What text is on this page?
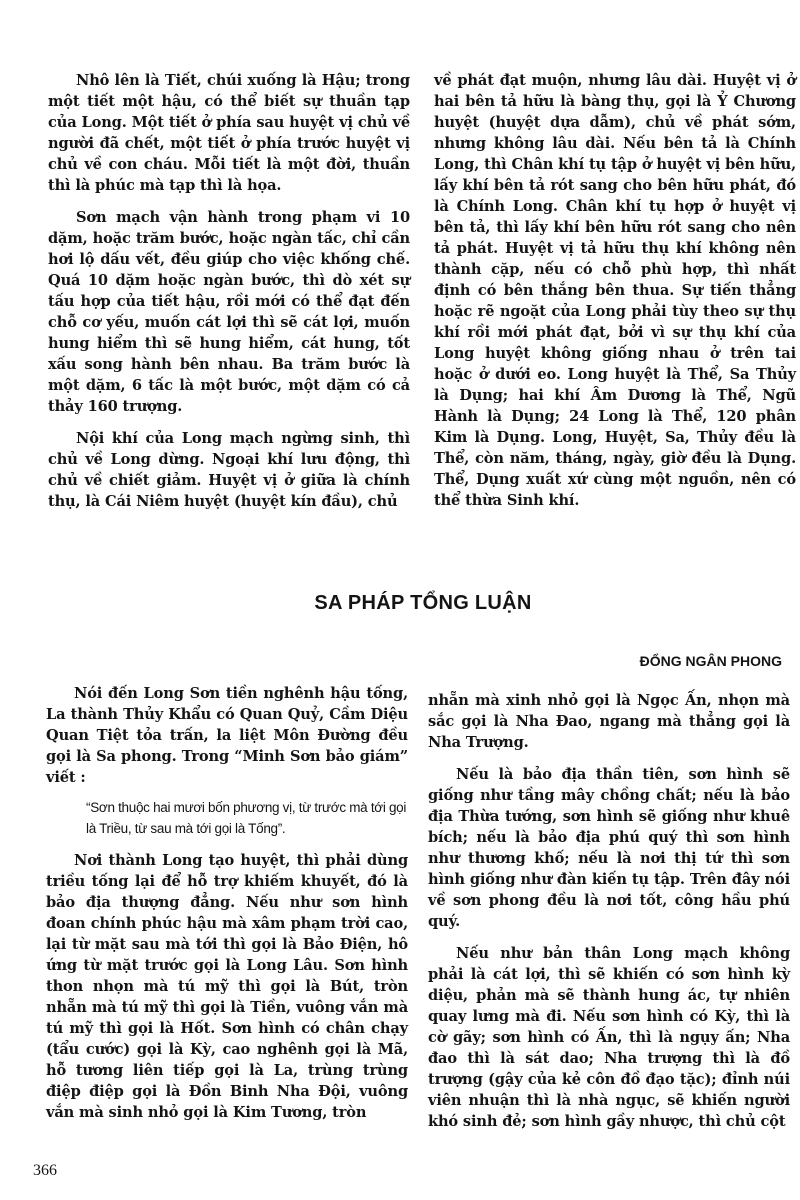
Nhô lên là Tiết, chúi xuống là Hậu; trong một tiết một hậu, có thể biết sự thuần tạp của Long. Một tiết ở phía sau huyệt vị chủ về người đã chết, một tiết ở phía trước huyệt vị chủ về con cháu. Mỗi tiết là một đời, thuần thì là phúc mà tạp thì là họa.

Sơn mạch vận hành trong phạm vi 10 dặm, hoặc trăm bước, hoặc ngàn tấc, chỉ cần hơi lộ dấu vết, đều giúp cho việc khống chế. Quá 10 dặm hoặc ngàn bước, thì dò xét sự tấu hợp của tiết hậu, rồi mới có thể đạt đến chỗ cơ yếu, muốn cát lợi thì sẽ cát lợi, muốn hung hiểm thì sẽ hung hiểm, cát hung, tốt xấu song hành bên nhau. Ba trăm bước là một dặm, 6 tấc là một bước, một dặm có cả thảy 160 trượng.

Nội khí của Long mạch ngừng sinh, thì chủ về Long dừng. Ngoại khí lưu động, thì chủ về chiết giảm. Huyệt vị ở giữa là chính thụ, là Cái Niêm huyệt (huyệt kín đầu), chủ

về phát đạt muộn, nhưng lâu dài. Huyệt vị ở hai bên tả hữu là bàng thụ, gọi là Ỷ Chương huyệt (huyệt dựa dẫm), chủ về phát sớm, nhưng không lâu dài. Nếu bên tả là Chính Long, thì Chân khí tụ tập ở huyệt vị bên hữu, lấy khí bên tả rót sang cho bên hữu phát, đó là Chính Long. Chân khí tụ hợp ở huyệt vị bên tả, thì lấy khí bên hữu rót sang cho nên tả phát. Huyệt vị tả hữu thụ khí không nên thành cặp, nếu có chỗ phù hợp, thì nhất định có bên thắng bên thua. Sự tiến thẳng hoặc rẽ ngoặt của Long phải tùy theo sự thụ khí rồi mới phát đạt, bởi vì sự thụ khí của Long huyệt không giống nhau ở trên tai hoặc ở dưới eo. Long huyệt là Thể, Sa Thủy là Dụng; hai khí Âm Dương là Thể, Ngũ Hành là Dụng; 24 Long là Thể, 120 phân Kim là Dụng. Long, Huyệt, Sa, Thủy đều là Thể, còn năm, tháng, ngày, giờ đều là Dụng. Thể, Dụng xuất xứ cùng một nguồn, nên có thể thừa Sinh khí.

SA PHÁP TỔNG LUẬN
ĐỔNG NGÂN PHONG

Nói đến Long Sơn tiền nghênh hậu tống, La thành Thủy Khẩu có Quan Quỷ, Cầm Diệu Quan Tiệt tỏa trấn, la liệt Môn Đường đều gọi là Sa phong. Trong “Minh Sơn bảo giám” viết :

“Sơn thuộc hai mươi bốn phương vị, từ trước mà tới gọi là Triều, từ sau mà tới gọi là Tống”.

Nơi thành Long tạo huyệt, thì phải dùng triều tống lại để hỗ trợ khiếm khuyết, đó là bảo địa thượng đẳng. Nếu như sơn hình đoan chính phúc hậu mà xâm phạm trời cao, lại từ mặt sau mà tới thì gọi là Bảo Điện, hô ứng từ mặt trước gọi là Long Lâu. Sơn hình thon nhọn mà tú mỹ thì gọi là Bút, tròn nhẵn mà tú mỹ thì gọi là Tiền, vuông vắn mà tú mỹ thì gọi là Hốt. Sơn hình có chân chạy (tẩu cước) gọi là Kỳ, cao nghênh gọi là Mã, hỗ tương liên tiếp gọi là La, trùng trùng điệp điệp gọi là Đồn Binh Nha Đội, vuông vắn mà sinh nhỏ gọi là Kim Tương, tròn

nhẵn mà xinh nhỏ gọi là Ngọc Ấn, nhọn mà sắc gọi là Nha Đao, ngang mà thẳng gọi là Nha Trượng.

Nếu là bảo địa thần tiên, sơn hình sẽ giống như tầng mây chồng chất; nếu là bảo địa Thừa tướng, sơn hình sẽ giống như khuê bích; nếu là bảo địa phú quý thì sơn hình như thương khố; nếu là nơi thị tứ thì sơn hình giống như đàn kiến tụ tập. Trên đây nói về sơn phong đều là nơi tốt, công hầu phú quý.

Nếu như bản thân Long mạch không phải là cát lợi, thì sẽ khiến có sơn hình kỳ diệu, phản mà sẽ thành hung ác, tự nhiên quay lưng mà đi. Nếu sơn hình có Kỳ, thì là cờ gãy; sơn hình có Ấn, thì là ngụy ấn; Nha đao thì là sát dao; Nha trượng thì là đồ trượng (gậy của kẻ côn đồ đạo tặc); đỉnh núi viên nhuận thì là nhà ngục, sẽ khiến người khó sinh đẻ; sơn hình gầy nhược, thì chủ cột

366
